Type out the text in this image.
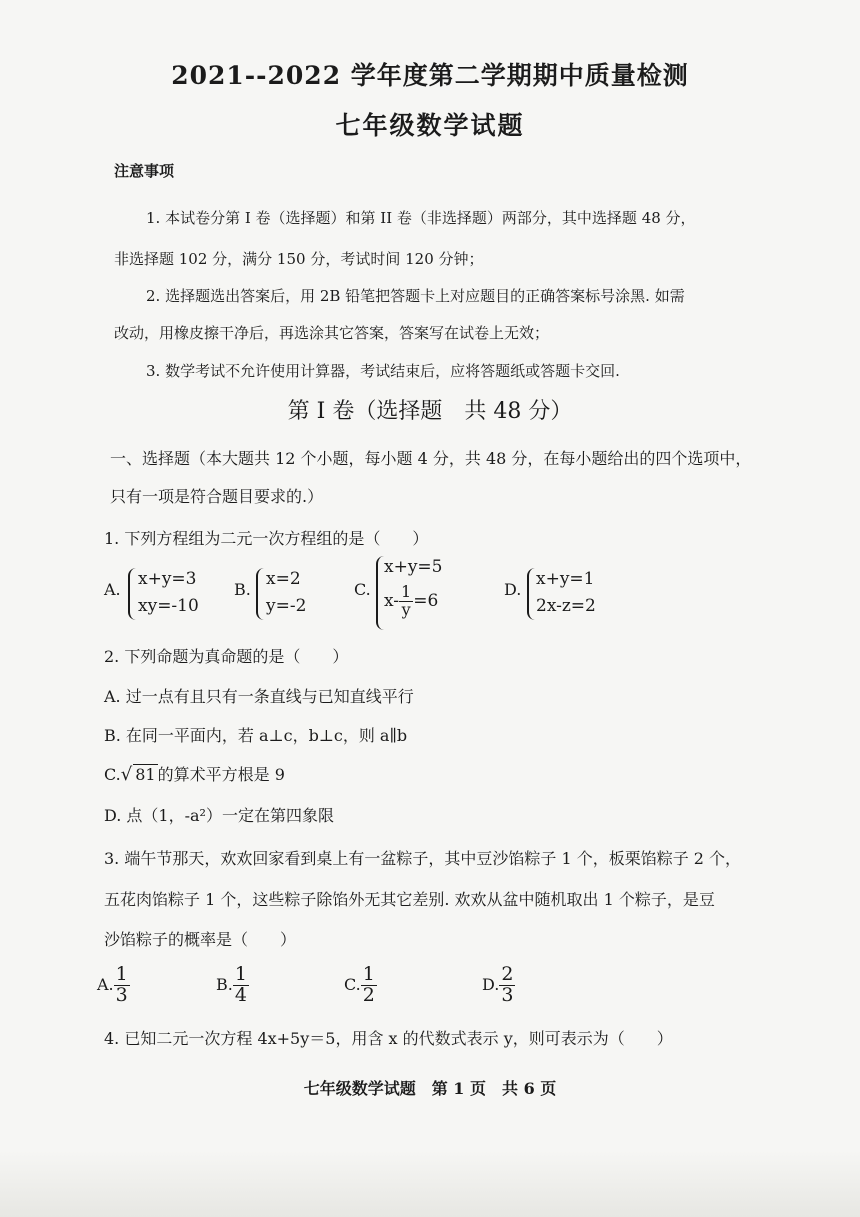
2021--2022 学年度第二学期期中质量检测
七年级数学试题
注意事项
1. 本试卷分第 I 卷（选择题）和第 II 卷（非选择题）两部分，其中选择题 48 分，
非选择题 102 分，满分 150 分，考试时间 120 分钟；
2. 选择题选出答案后，用 2B 铅笔把答题卡上对应题目的正确答案标号涂黑. 如需
改动，用橡皮擦干净后，再选涂其它答案，答案写在试卷上无效；
3. 数学考试不允许使用计算器，考试结束后，应将答题纸或答题卡交回.
第 I 卷（选择题　共 48 分）
一、选择题（本大题共 12 个小题，每小题 4 分，共 48 分，在每小题给出的四个选项中，
只有一项是符合题目要求的.）
1. 下列方程组为二元一次方程组的是（　　）
A.
x+y=3
xy=-10
B.
x=2
y=-2
C.
x+y=5
$x- \frac{1}{y} =6$
D.
x+y=1
2x-z=2
2. 下列命题为真命题的是（　　）
A. 过一点有且只有一条直线与已知直线平行
B. 在同一平面内，若 a⊥c，b⊥c，则 a∥b
C.√ 81 的算术平方根是 9
D. 点（1，-a²）一定在第四象限
3. 端午节那天，欢欢回家看到桌上有一盆粽子，其中豆沙馅粽子 1 个，板栗馅粽子 2 个，
五花肉馅粽子 1 个，这些粽子除馅外无其它差别. 欢欢从盆中随机取出 1 个粽子，是豆
沙馅粽子的概率是（　　）
A. $\frac{1}{3}$	B. $\frac{1}{4}$	C. $\frac{1}{2}$	D. $\frac{2}{3}$
4. 已知二元一次方程 4x+5y＝5，用含 x 的代数式表示 y，则可表示为（　　）
七年级数学试题　第 1 页　共 6 页
